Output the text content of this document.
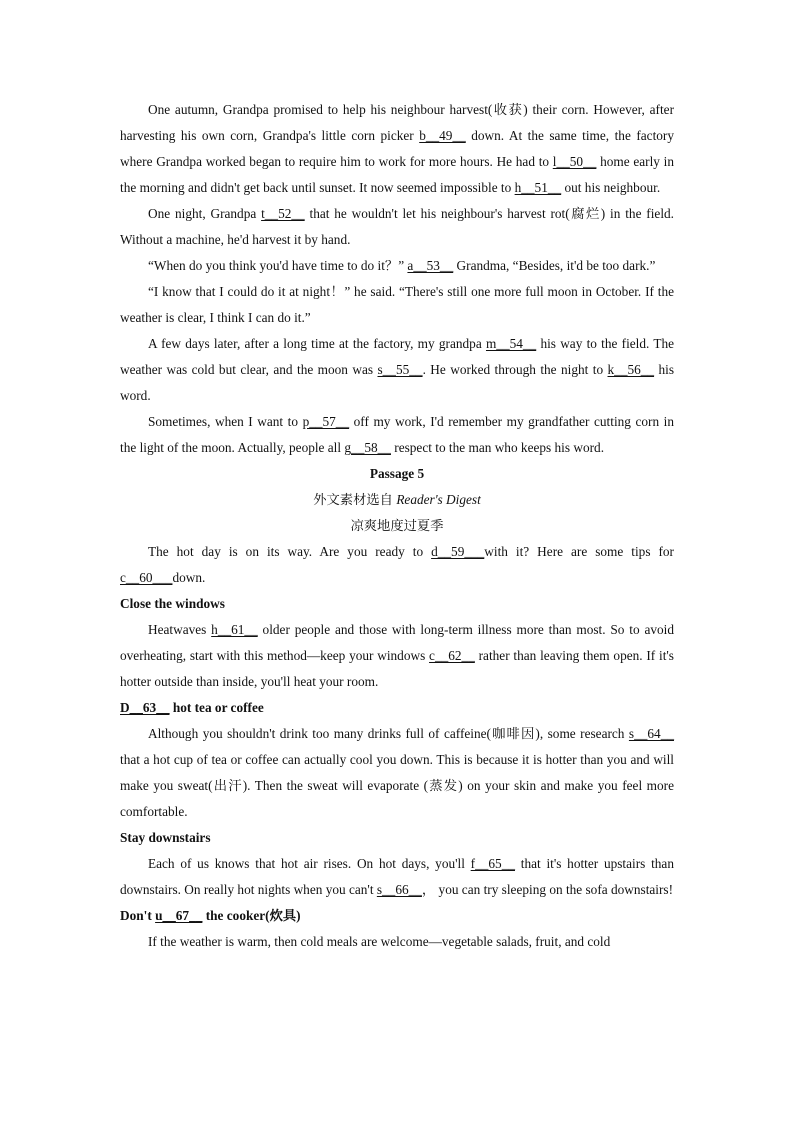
One autumn, Grandpa promised to help his neighbour harvest(收获) their corn. However, after harvesting his own corn, Grandpa's little corn picker b__49__ down. At the same time, the factory where Grandpa worked began to require him to work for more hours. He had to l__50__ home early in the morning and didn't get back until sunset. It now seemed impossible to h__51__ out his neighbour.

One night, Grandpa t__52__ that he wouldn't let his neighbour's harvest rot(腐烂) in the field. Without a machine, he'd harvest it by hand.

“When do you think you'd have time to do it？” a__53__ Grandma, “Besides, it'd be too dark.”

“I know that I could do it at night！” he said. “There's still one more full moon in October. If the weather is clear, I think I can do it.”

A few days later, after a long time at the factory, my grandpa m__54__ his way to the field. The weather was cold but clear, and the moon was s__55__. He worked through the night to k__56__ his word.

Sometimes, when I want to p__57__ off my work, I'd remember my grandfather cutting corn in the light of the moon. Actually, people all g__58__ respect to the man who keeps his word.

Passage 5

外文素材选自 Reader's Digest

凉爽地度过夏季

The hot day is on its way. Are you ready to d__59___with it? Here are some tips for c__60___down.

Close the windows

Heatwaves h__61__ older people and those with long-term illness more than most. So to avoid overheating, start with this method—keep your windows c__62__ rather than leaving them open. If it's hotter outside than inside, you'll heat your room.

D__63__ hot tea or coffee

Although you shouldn't drink too many drinks full of caffeine(咖啡因), some research s__64__ that a hot cup of tea or coffee can actually cool you down. This is because it is hotter than you and will make you sweat(出汗). Then the sweat will evaporate (蒸发) on your skin and make you feel more comfortable.

Stay downstairs

Each of us knows that hot air rises. On hot days, you'll f__65__ that it's hotter upstairs than downstairs. On really hot nights when you can't s__66__， you can try sleeping on the sofa downstairs!

Don't u__67__ the cooker(炊具)

If the weather is warm, then cold meals are welcome—vegetable salads, fruit, and cold
